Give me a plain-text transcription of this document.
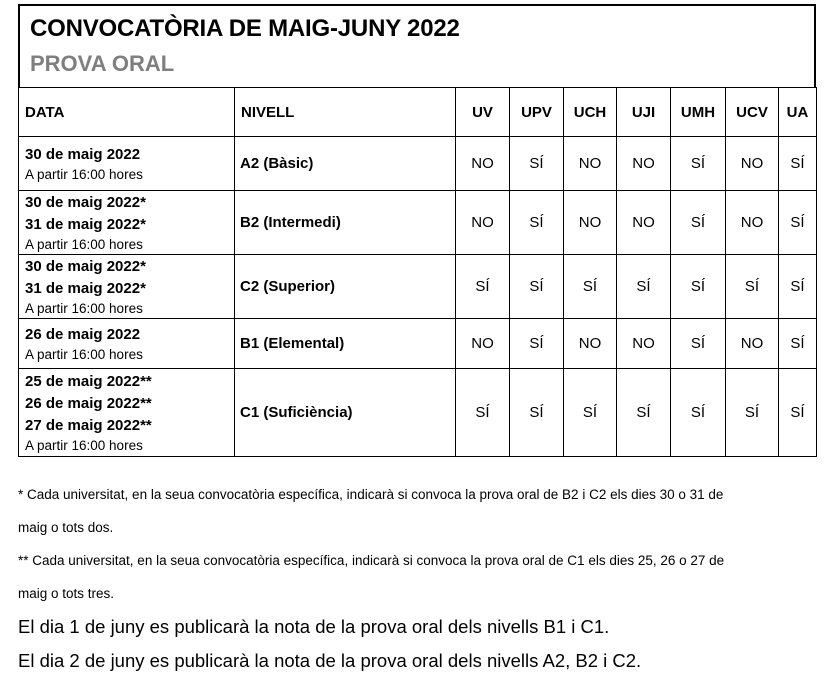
CONVOCATÒRIA DE MAIG-JUNY 2022
PROVA ORAL
DATA	NIVELL	UV	UPV	UCH	UJI	UMH	UCV	UA

30 de maig 2022
A partir 16:00 hores	A2 (Bàsic)	NO	SÍ	NO	NO	SÍ	NO	SÍ

30 de maig 2022*
31 de maig 2022*
A partir 16:00 hores	B2 (Intermedi)	NO	SÍ	NO	NO	SÍ	NO	SÍ

30 de maig 2022*
31 de maig 2022*
A partir 16:00 hores	C2 (Superior)	SÍ	SÍ	SÍ	SÍ	SÍ	SÍ	SÍ

26 de maig 2022
A partir 16:00 hores	B1 (Elemental)	NO	SÍ	NO	NO	SÍ	NO	SÍ

25 de maig 2022**
26 de maig 2022**
27 de maig 2022**
A partir 16:00 hores	C1 (Suficiència)	SÍ	SÍ	SÍ	SÍ	SÍ	SÍ	SÍ
* Cada universitat, en la seua convocatòria específica, indicarà si convoca la prova oral de B2 i C2 els dies 30 o 31 de
maig o tots dos.
** Cada universitat, en la seua convocatòria específica, indicarà si convoca la prova oral de C1 els dies 25, 26 o 27 de
maig o tots tres.
El dia 1 de juny es publicarà la nota de la prova oral dels nivells B1 i C1.
El dia 2 de juny es publicarà la nota de la prova oral dels nivells A2, B2 i C2.
